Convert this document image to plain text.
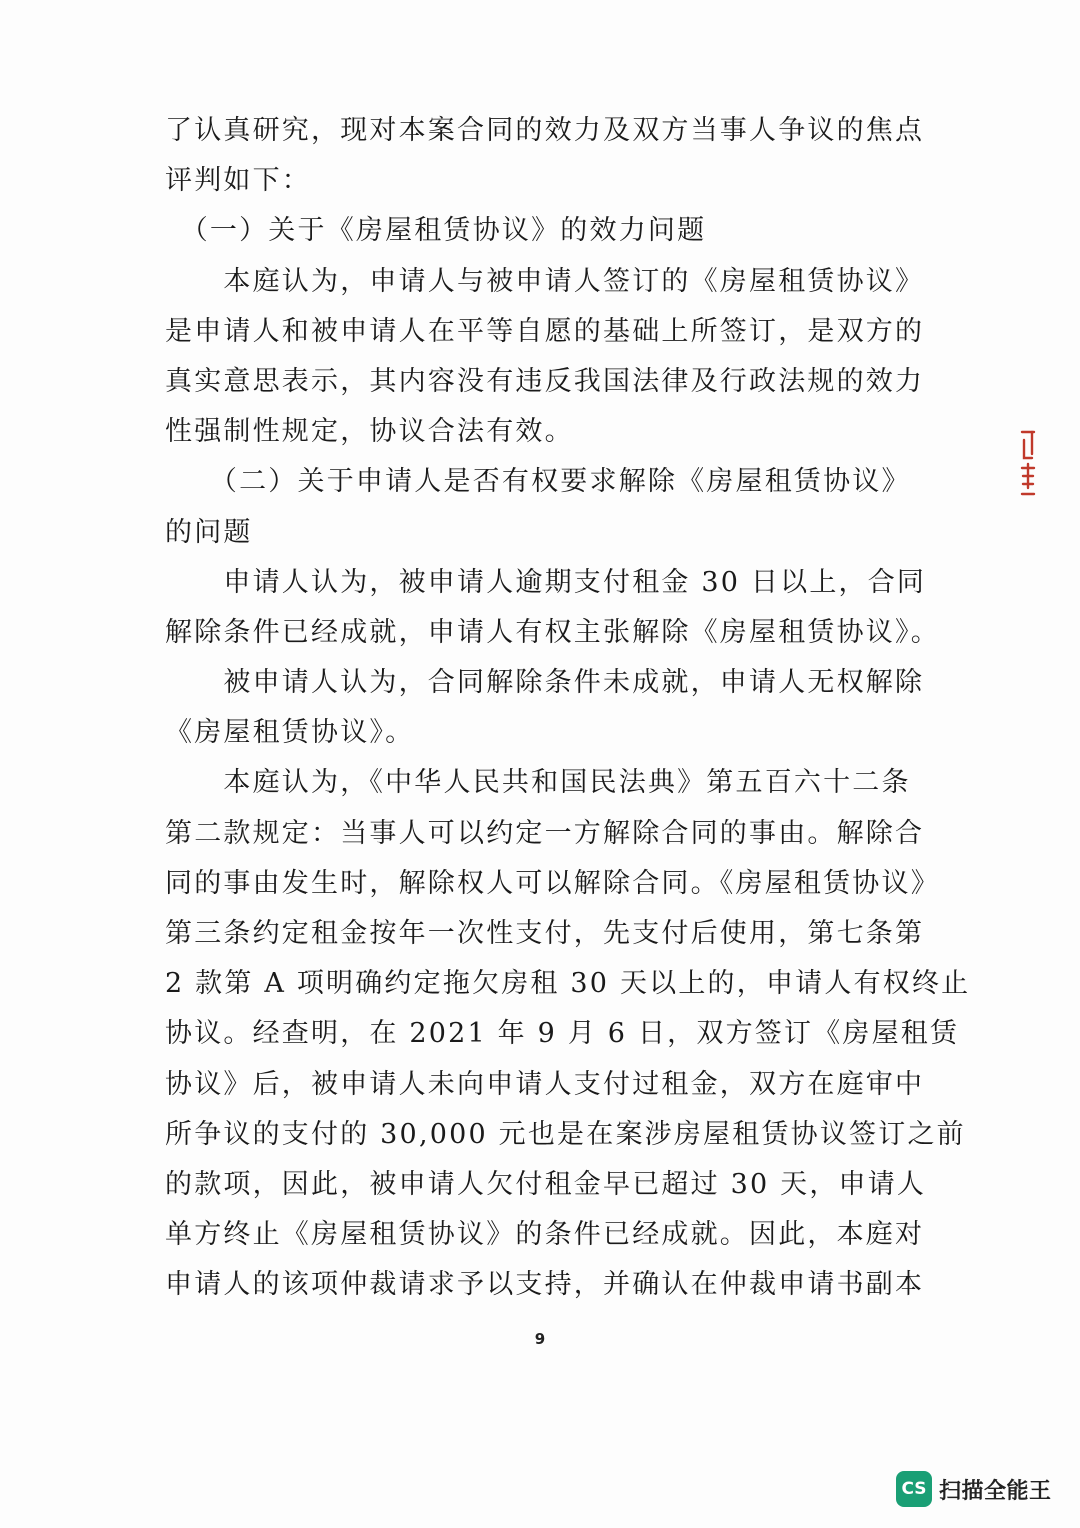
了认真研究，现对本案合同的效力及双方当事人争议的焦点
评判如下：
　（一）关于《房屋租赁协议》的效力问题
　　本庭认为，申请人与被申请人签订的《房屋租赁协议》
是申请人和被申请人在平等自愿的基础上所签订，是双方的
真实意思表示，其内容没有违反我国法律及行政法规的效力
性强制性规定，协议合法有效。
　　（二）关于申请人是否有权要求解除《房屋租赁协议》
的问题
　　申请人认为，被申请人逾期支付租金 30 日以上，合同
解除条件已经成就，申请人有权主张解除《房屋租赁协议》。
　　被申请人认为，合同解除条件未成就，申请人无权解除
《房屋租赁协议》。
　　本庭认为，《中华人民共和国民法典》第五百六十二条
第二款规定：当事人可以约定一方解除合同的事由。解除合
同的事由发生时，解除权人可以解除合同。《房屋租赁协议》
第三条约定租金按年一次性支付，先支付后使用，第七条第
2 款第 A 项明确约定拖欠房租 30 天以上的，申请人有权终止
协议。经查明，在 2021 年 9 月 6 日，双方签订《房屋租赁
协议》后，被申请人未向申请人支付过租金，双方在庭审中
所争议的支付的 30,000 元也是在案涉房屋租赁协议签订之前
的款项，因此，被申请人欠付租金早已超过 30 天，申请人
单方终止《房屋租赁协议》的条件已经成就。因此，本庭对
申请人的该项仲裁请求予以支持，并确认在仲裁申请书副本
9
CS 扫描全能王
